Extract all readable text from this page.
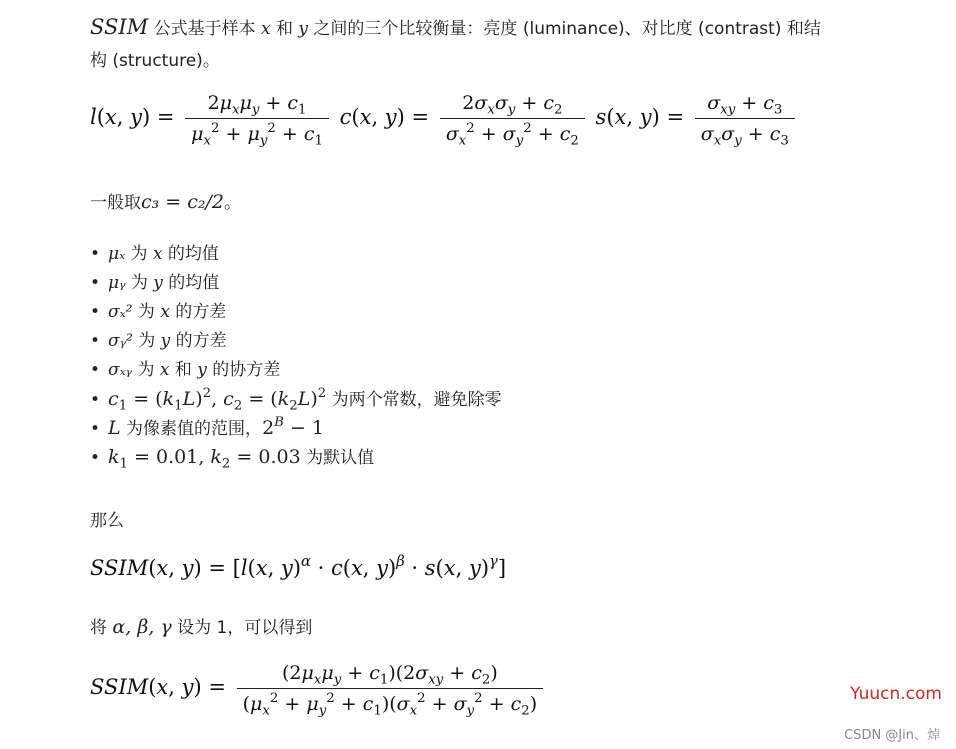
SSIM 公式基于样本 x 和 y 之间的三个比较衡量：亮度 (luminance)、对比度 (contrast) 和结
构 (structure)。
l(x, $y) = \frac{2\mu_x\mu_y + c_1}{\mu_x^2 + \mu_y^2 + c_1} c(x$, $y) = \frac{2\sigma_x\sigma_y + c_2}{\sigma_x^2 + \sigma_y^2 + c_2} s(x$, $y) = \frac{\sigma_{xy} + c_3}{\sigma_x\sigma_y + c_3}$
一般取c₃ = c₂/2。
• μₓ 为 x 的均值
• μᵧ 为 y 的均值
• σₓ² 为 x 的方差
• σᵧ² 为 y 的方差
• σₓᵧ 为 x 和 y 的协方差
• $c_1 = (k_1L)^2$, $c_2 = (k_2L)^2$ 为两个常数，避免除零
• L 为像素值的范围，$2^B - 1$
• $k_1 = 0.01$, $k_2 = 0.03$ 为默认值
那么
SSIM(x, y) = [l(x, y)$^\alpha$ · c(x, y)$^\beta$ · s(x, y)$^\gamma$]
将 α, β, γ 设为 1，可以得到
SSIM(x, $y) = \frac{(2\mu_x\mu_y + c_1)(2\sigma_{xy} + c_2)}{(\mu_x^2 + \mu_y^2 + c_1)(\sigma_x^2 + \sigma_y^2 + c_2)}$	Yuucn.com
CSDN @Jin、焯
